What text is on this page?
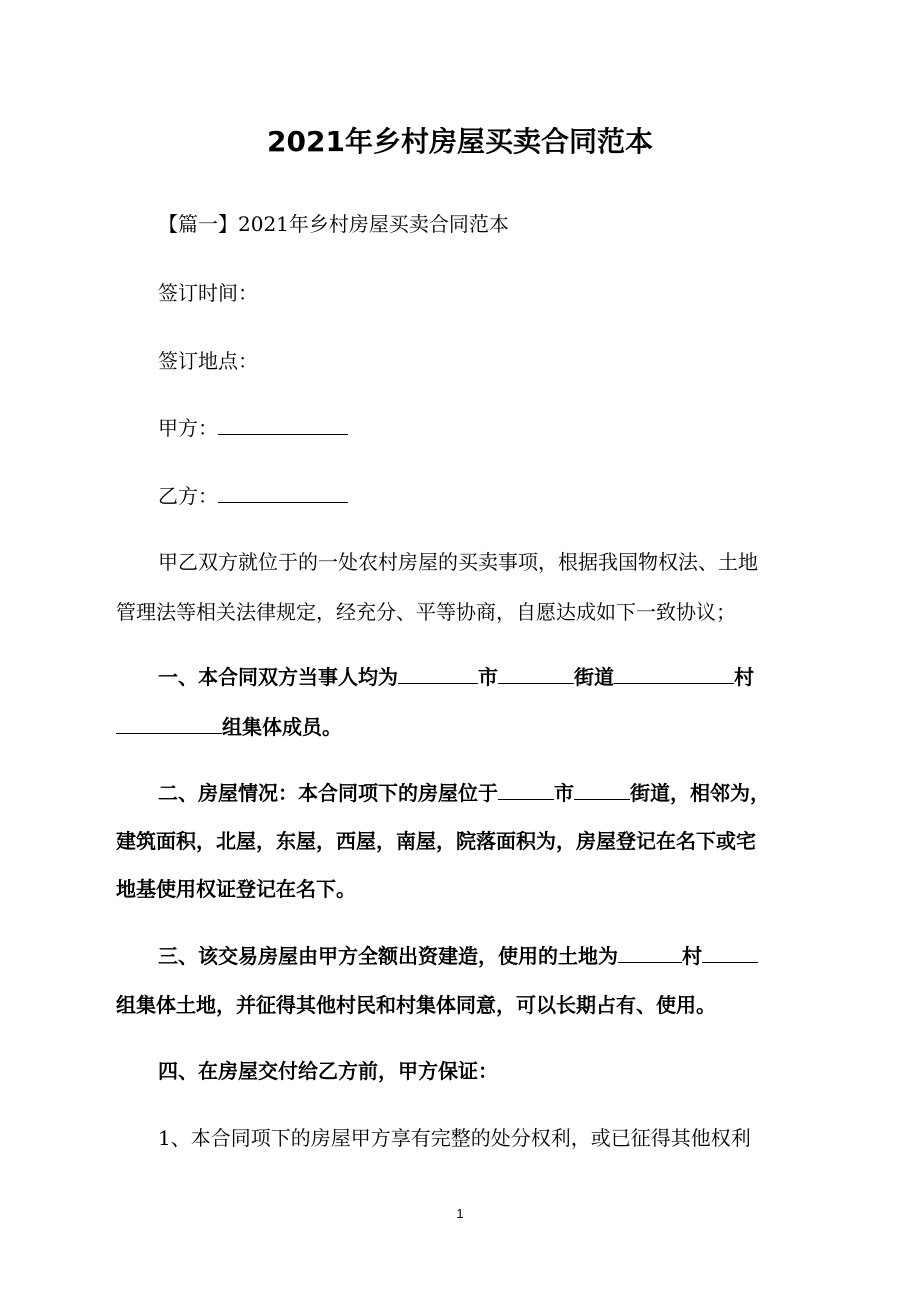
2021年乡村房屋买卖合同范本

【篇一】2021年乡村房屋买卖合同范本

签订时间：

签订地点：

甲方：

乙方：

甲乙双方就位于的一处农村房屋的买卖事项，根据我国物权法、土地

管理法等相关法律规定，经充分、平等协商，自愿达成如下一致协议；

一、本合同双方当事人均为	市	街道	村

组集体成员。

二、房屋情况：本合同项下的房屋位于	市	街道，相邻为，

建筑面积，北屋，东屋，西屋，南屋，院落面积为，房屋登记在名下或宅

地基使用权证登记在名下。

三、该交易房屋由甲方全额出资建造，使用的土地为	村

组集体土地，并征得其他村民和村集体同意，可以长期占有、使用。

四、在房屋交付给乙方前，甲方保证：

1、本合同项下的房屋甲方享有完整的处分权利，或已征得其他权利

1
